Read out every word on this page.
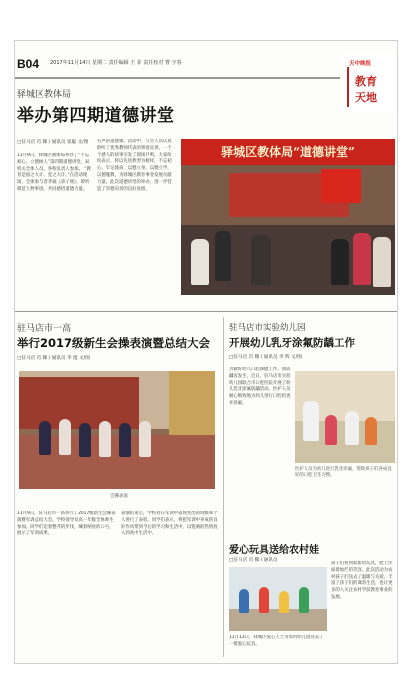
B04 2017年11月14日 星期二 责任编辑 王 菲 责任校对 曹 宇春	天中晚报
教育
天地
驿城区教体局
举办第四期道德讲堂
□驻马店 肖 娜 / 通讯员 张聪 文/图
11月9日，驿城区教体局举办了“不忘初心，立德树人”第四期道德讲堂，局机关全体人员、各校负责人参加。 “教育是国之大计、党之大计。”在活动现场，全体参与者齐诵《弟子规》，聆听模范人物事迹，共同感悟道德力量。
有声的道德课。活动中，与会人员认真聆听了优秀教师代表的事迹宣讲，一个个感人的故事引发了现场共鸣。大家纷纷表示，将以先进典型为榜样，不忘初心，牢记使命，以德立身，以德立学，以德施教，为驿城区教育事业发展贡献力量。此次道德讲堂的举办，进一步营造了崇德向善的良好氛围。
驿城区教体局“道德讲堂”
驻马店市一高
举行2017级新生会操表演暨总结大会
□驻马店 肖 娜 / 通讯员 李 焜 文/图
会操表演
11月9日，驻马店市一高举行了2017级新生会操表演暨军训总结大会。学校领导及高一年级全体师生参加。同学们迈着整齐的步伐，喊着响亮的口号，展示了军训成果。
表演结束后，学校对在军训中表现突出的班级和个人进行了表彰。同学们表示，将把军训中养成的良好作风带到今后的学习和生活中，以饱满的热情投入到高中生活中。
驻马店市实验幼儿园
开展幼儿乳牙涂氟防龋工作
□驻马店 肖 娜 / 通讯员 李 辉 文/图
为做好幼儿口腔保健工作，预防龋齿发生，近日，驻马店市实验幼儿园联合市口腔医院开展了幼儿乳牙涂氟防龋活动。医护人员耐心细致地为幼儿进行口腔检查并涂氟。
医护人员为幼儿进行乳牙涂氟，帮助孩子们养成良好的口腔卫生习惯。
爱心玩具送给农村娃
□驻马店 肖 娜 / 通讯员
11月13日，驿城区爱心人士为农村幼儿园送去了一批爱心玩具。
孩子们看到崭新的玩具，脸上洋溢着灿烂的笑容。此次活动为农村孩子们送去了温暖与关爱，丰富了孩子们的课余生活，也让更多的人关注农村学前教育事业的发展。
